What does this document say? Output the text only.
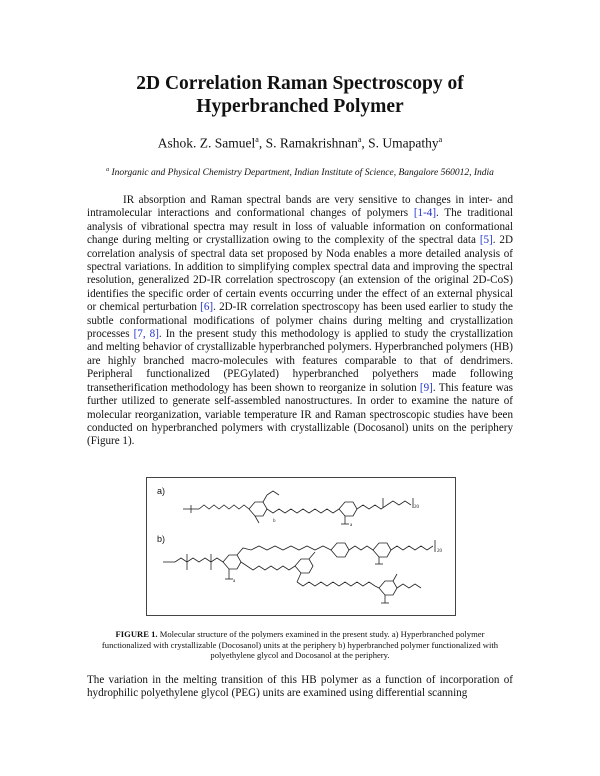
2D Correlation Raman Spectroscopy of
Hyperbranched Polymer
Ashok. Z. Samuel$^a$, S. Ramakrishnan$^a$, S. Umapathy$^a$
$^a$ Inorganic and Physical Chemistry Department, Indian Institute of Science, Bangalore 560012, India

IR absorption and Raman spectral bands are very sensitive to changes in inter- and intramolecular interactions and conformational changes of polymers [1-4]. The traditional analysis of vibrational spectra may result in loss of valuable information on conformational change during melting or crystallization owing to the complexity of the spectral data [5]. 2D correlation analysis of spectral data set proposed by Noda enables a more detailed analysis of spectral variations. In addition to simplifying complex spectral data and improving the spectral resolution, generalized 2D-IR correlation spectroscopy (an extension of the original 2D-CoS) identifies the specific order of certain events occurring under the effect of an external physical or chemical perturbation [6]. 2D-IR correlation spectroscopy has been used earlier to study the subtle conformational modifications of polymer chains during melting and crystallization processes [7, 8]. In the present study this methodology is applied to study the crystallization and melting behavior of crystallizable hyperbranched polymers. Hyperbranched polymers (HB) are highly branched macro-molecules with features comparable to that of dendrimers. Peripheral functionalized (PEGylated) hyperbranched polyethers made following transetherification methodology has been shown to reorganize in solution [9]. This feature was further utilized to generate self-assembled nanostructures. In order to examine the nature of molecular reorganization, variable temperature IR and Raman spectroscopic studies have been conducted on hyperbranched polymers with crystallizable (Docosanol) units on the periphery (Figure 1).

a)
b)
b
a
20
a
20

FIGURE 1. Molecular structure of the polymers examined in the present study. a) Hyperbranched polymer functionalized with crystallizable (Docosanol) units at the periphery b) hyperbranched polymer functionalized with polyethylene glycol and Docosanol at the periphery.

The variation in the melting transition of this HB polymer as a function of incorporation of hydrophilic polyethylene glycol (PEG) units are examined using differential scanning
